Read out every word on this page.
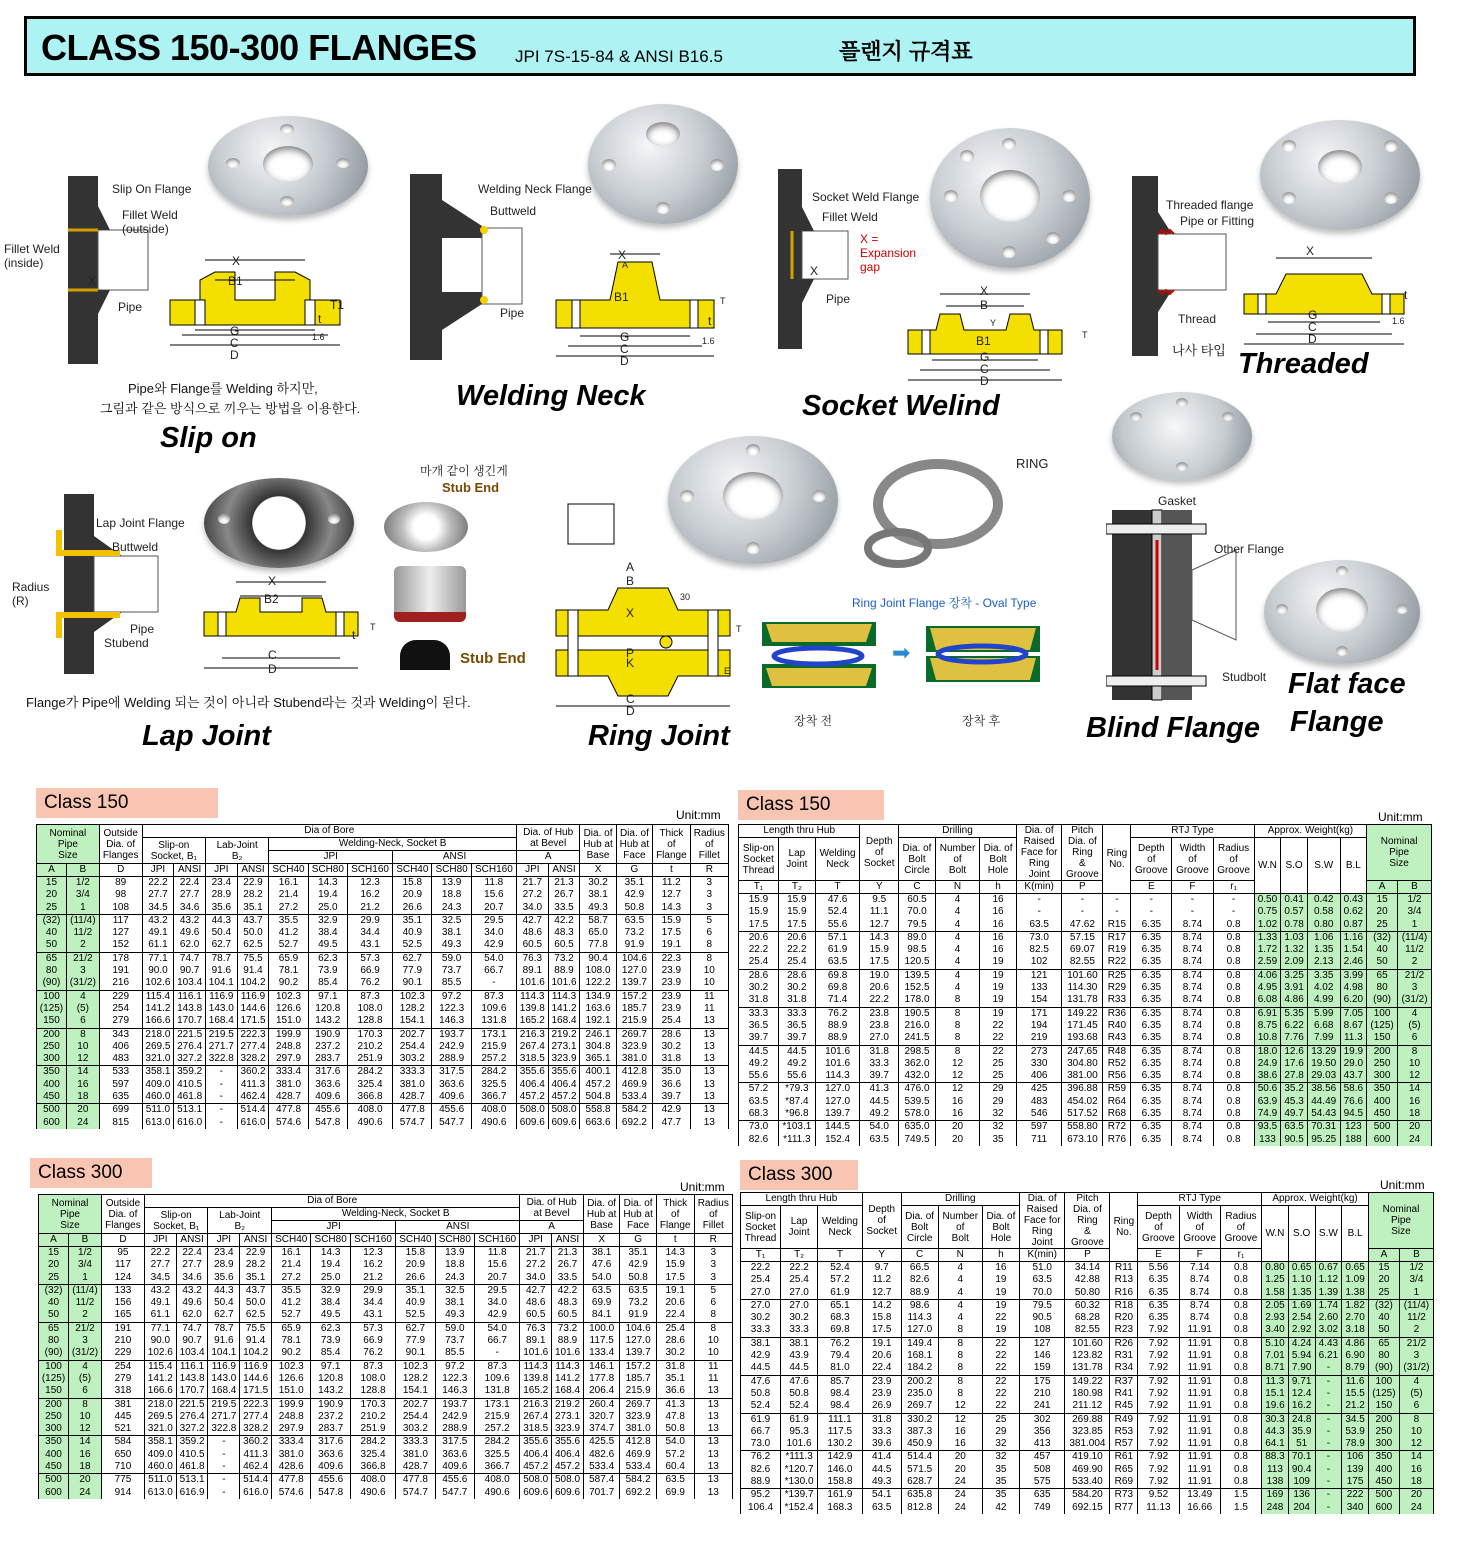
CLASS 150-300 FLANGES JPI 7S-15-84 & ANSI B16.5	플랜지 규격표
Slip On Flange
Fillet Weld (outside)
Fillet Weld (inside)
X
Pipe
X
B1
T1
t
G
C
D
1.6
Pipe와 Flange를 Welding 하지만,
그림과 같은 방식으로 끼우는 방법을 이용한다.
Slip on
Welding Neck Flange
Buttweld
Pipe
X
A
B1	T
t
G
C
D
1.6
Welding Neck
Socket Weld Flange
Fillet Weld
X = Expansion gap
X
Pipe
X
B
B1
G
C
D
Y
T
Socket Welind
Threaded flange
Pipe or Fitting
Thread
나사 타입
X
G
C
D
t
1.6
Threaded
Lap Joint Flange
Buttweld
Radius (R)
Pipe
Stubend
X
B2
C
D
T
t
마개 같이 생긴게
Stub End
Stub End
Flange가 Pipe에 Welding 되는 것이 아니라 Stubend라는 것과 Welding이 된다.
Lap Joint
RING
A
B
X
P
K
C
D
30
E
T
Ring Joint Flange 장착 - Oval Type
➡
장착 전	장착 후
Ring Joint
Gasket
Other Flange
Studbolt
Blind Flange
Flat face
Flange
Class 150
Unit:mm	Class 150
Unit:mm
Class 300
Unit:mm
Class 300	Unit:mm
Nominal
Pipe
Size		Outside
Dia. of
Flanges	Dia of Bore										Dia. of Hub
at Bevel		Dia. of
Hub at
Base	Dia. of
Hub at
Face	Thick
of
Flange	Radius
of
Fillet
			Slip-on
Socket, B₁		Lab-Joint
B₂		Welding-Neck, Socket B											
							JPI			ANSI			A					
A	B	D	JPI	ANSI	JPI	ANSI	SCH40	SCH80	SCH160	SCH40	SCH80	SCH160	JPI	ANSI	X	G	t	R
15	1/2	89	22.2	22.4	23.4	22.9	16.1	14.3	12.3	15.8	13.9	11.8	21.7	21.3	30.2	35.1	11.2	3
20	3/4	98	27.7	27.7	28.9	28.2	21.4	19.4	16.2	20.9	18.8	15.6	27.2	26.7	38.1	42.9	12.7	3
25	1	108	34.5	34.6	35.6	35.1	27.2	25.0	21.2	26.6	24.3	20.7	34.0	33.5	49.3	50.8	14.3	3
(32)	(11/4)	117	43.2	43.2	44.3	43.7	35.5	32.9	29.9	35.1	32.5	29.5	42.7	42.2	58.7	63.5	15.9	5
40	11/2	127	49.1	49.6	50.4	50.0	41.2	38.4	34.4	40.9	38.1	34.0	48.6	48.3	65.0	73.2	17.5	6
50	2	152	61.1	62.0	62.7	62.5	52.7	49.5	43.1	52.5	49.3	42.9	60.5	60.5	77.8	91.9	19.1	8
65	21/2	178	77.1	74.7	78.7	75.5	65.9	62.3	57.3	62.7	59.0	54.0	76.3	73.2	90.4	104.6	22.3	8
80	3	191	90.0	90.7	91.6	91.4	78.1	73.9	66.9	77.9	73.7	66.7	89.1	88.9	108.0	127.0	23.9	10
(90)	(31/2)	216	102.6	103.4	104.1	104.2	90.2	85.4	76.2	90.1	85.5	-	101.6	101.6	122.2	139.7	23.9	10
100	4	229	115.4	116.1	116.9	116.9	102.3	97.1	87.3	102.3	97.2	87.3	114.3	114.3	134.9	157.2	23.9	11
(125)	(5)	254	141.2	143.8	143.0	144.6	126.6	120.8	108.0	128.2	122.3	109.6	139.8	141.2	163.6	185.7	23.9	11
150	6	279	166.6	170.7	168.4	171.5	151.0	143.2	128.8	154.1	146.3	131.8	165.2	168.4	192.1	215.9	25.4	13
200	8	343	218.0	221.5	219.5	222.3	199.9	190.9	170.3	202.7	193.7	173.1	216.3	219.2	246.1	269.7	28.6	13
250	10	406	269.5	276.4	271.7	277.4	248.8	237.2	210.2	254.4	242.9	215.9	267.4	273.1	304.8	323.9	30.2	13
300	12	483	321.0	327.2	322.8	328.2	297.9	283.7	251.9	303.2	288.9	257.2	318.5	323.9	365.1	381.0	31.8	13
350	14	533	358.1	359.2	-	360.2	333.4	317.6	284.2	333.3	317.5	284.2	355.6	355.6	400.1	412.8	35.0	13
400	16	597	409.0	410.5	-	411.3	381.0	363.6	325.4	381.0	363.6	325.5	406.4	406.4	457.2	469.9	36.6	13
450	18	635	460.0	461.8	-	462.4	428.7	409.6	366.8	428.7	409.6	366.7	457.2	457.2	504.8	533.4	39.7	13
500	20	699	511.0	513.1	-	514.4	477.8	455.6	408.0	477.8	455.6	408.0	508.0	508.0	558.8	584.2	42.9	13
600	24	815	613.0	616.0	-	616.0	574.6	547.8	490.6	574.7	547.7	490.6	609.6	609.6	663.6	692.2	47.7	13
Length thru Hub			Depth
of
Socket	Drilling			Dia. of
Raised
Face for
Ring
Joint	Pitch
Dia. of
Ring
&
Groove	Ring
No.	RTJ Type			Approx. Weight(kg)				Nominal
Pipe
Size	
Slip-on
Socket
Thread	Lap
Joint	Welding
Neck		Dia. of
Bolt
Circle	Number
of
Bolt	Dia. of
Bolt
Hole				Depth
of
Groove	Width
of
Groove	Radius
of
Groove	W.N	S.O	S.W	B.L		
T₁	T₂	T	Y	C	N	h	K(min)	P		E	F	r₁					A	B
15.9	15.9	47.6	9.5	60.5	4	16	-	-	-	-	-	-	0.50	0.41	0.42	0.43	15	1/2
15.9	15.9	52.4	11.1	70.0	4	16	-	-	-	-	-	-	0.75	0.57	0.58	0.62	20	3/4
17.5	17.5	55.6	12.7	79.5	4	16	63.5	47.62	R15	6.35	8.74	0.8	1.02	0.78	0.80	0.87	25	1
20.6	20.6	57.1	14.3	89.0	4	16	73.0	57.15	R17	6.35	8.74	0.8	1.33	1.03	1.06	1.16	(32)	(11/4)
22.2	22.2	61.9	15.9	98.5	4	16	82.5	69.07	R19	6.35	8.74	0.8	1.72	1.32	1.35	1.54	40	11/2
25.4	25.4	63.5	17.5	120.5	4	19	102	82.55	R22	6.35	8.74	0.8	2.59	2.09	2.13	2.46	50	2
28.6	28.6	69.8	19.0	139.5	4	19	121	101.60	R25	6.35	8.74	0.8	4.06	3.25	3.35	3.99	65	21/2
30.2	30.2	69.8	20.6	152.5	4	19	133	114.30	R29	6.35	8.74	0.8	4.95	3.91	4.02	4.98	80	3
31.8	31.8	71.4	22.2	178.0	8	19	154	131.78	R33	6.35	8.74	0.8	6.08	4.86	4.99	6.20	(90)	(31/2)
33.3	33.3	76.2	23.8	190.5	8	19	171	149.22	R36	6.35	8.74	0.8	6.91	5.35	5.99	7.05	100	4
36.5	36.5	88.9	23.8	216.0	8	22	194	171.45	R40	6.35	8.74	0.8	8.75	6.22	6.68	8.67	(125)	(5)
39.7	39.7	88.9	27.0	241.5	8	22	219	193.68	R43	6.35	8.74	0.8	10.8	7.76	7.99	11.3	150	6
44.5	44.5	101.6	31.8	298.5	8	22	273	247.65	R48	6.35	8.74	0.8	18.0	12.6	13.29	19.9	200	8
49.2	49.2	101.6	33.3	362.0	12	25	330	304.80	R52	6.35	8.74	0.8	24.9	17.6	19.50	29.0	250	10
55.6	55.6	114.3	39.7	432.0	12	25	406	381.00	R56	6.35	8.74	0.8	38.6	27.8	29.03	43.7	300	12
57.2	*79.3	127.0	41.3	476.0	12	29	425	396.88	R59	6.35	8.74	0.8	50.6	35.2	38.56	58.6	350	14
63.5	*87.4	127.0	44.5	539.5	16	29	483	454.02	R64	6.35	8.74	0.8	63.9	45.3	44.49	76.6	400	16
68.3	*96.8	139.7	49.2	578.0	16	32	546	517.52	R68	6.35	8.74	0.8	74.9	49.7	54.43	94.5	450	18
73.0	*103.1	144.5	54.0	635.0	20	32	597	558.80	R72	6.35	8.74	0.8	93.5	63.5	70.31	123	500	20
82.6	*111.3	152.4	63.5	749.5	20	35	711	673.10	R76	6.35	8.74	0.8	133	90.5	95.25	188	600	24
Nominal
Pipe
Size		Outside
Dia. of
Flanges	Dia of Bore										Dia. of Hub
at Bevel		Dia. of
Hub at
Base	Dia. of
Hub at
Face	Thick
of
Flange	Radius
of
Fillet
			Slip-on
Socket, B₁		Lab-Joint
B₂		Welding-Neck, Socket B											
							JPI			ANSI			A					
A	B	D	JPI	ANSI	JPI	ANSI	SCH40	SCH80	SCH160	SCH40	SCH80	SCH160	JPI	ANSI	X	G	t	R
15	1/2	95	22.2	22.4	23.4	22.9	16.1	14.3	12.3	15.8	13.9	11.8	21.7	21.3	38.1	35.1	14.3	3
20	3/4	117	27.7	27.7	28.9	28.2	21.4	19.4	16.2	20.9	18.8	15.6	27.2	26.7	47.6	42.9	15.9	3
25	1	124	34.5	34.6	35.6	35.1	27.2	25.0	21.2	26.6	24.3	20.7	34.0	33.5	54.0	50.8	17.5	3
(32)	(11/4)	133	43.2	43.2	44.3	43.7	35.5	32.9	29.9	35.1	32.5	29.5	42.7	42.2	63.5	63.5	19.1	5
40	11/2	156	49.1	49.6	50.4	50.0	41.2	38.4	34.4	40.9	38.1	34.0	48.6	48.3	69.9	73.2	20.6	6
50	2	165	61.1	62.0	62.7	62.5	52.7	49.5	43.1	52.5	49.3	42.9	60.5	60.5	84.1	91.9	22.4	8
65	21/2	191	77.1	74.7	78.7	75.5	65.9	62.3	57.3	62.7	59.0	54.0	76.3	73.2	100.0	104.6	25.4	8
80	3	210	90.0	90.7	91.6	91.4	78.1	73.9	66.9	77.9	73.7	66.7	89.1	88.9	117.5	127.0	28.6	10
(90)	(31/2)	229	102.6	103.4	104.1	104.2	90.2	85.4	76.2	90.1	85.5	-	101.6	101.6	133.4	139.7	30.2	10
100	4	254	115.4	116.1	116.9	116.9	102.3	97.1	87.3	102.3	97.2	87.3	114.3	114.3	146.1	157.2	31.8	11
(125)	(5)	279	141.2	143.8	143.0	144.6	126.6	120.8	108.0	128.2	122.3	109.6	139.8	141.2	177.8	185.7	35.1	11
150	6	318	166.6	170.7	168.4	171.5	151.0	143.2	128.8	154.1	146.3	131.8	165.2	168.4	206.4	215.9	36.6	13
200	8	381	218.0	221.5	219.5	222.3	199.9	190.9	170.3	202.7	193.7	173.1	216.3	219.2	260.4	269.7	41.3	13
250	10	445	269.5	276.4	271.7	277.4	248.8	237.2	210.2	254.4	242.9	215.9	267.4	273.1	320.7	323.9	47.8	13
300	12	521	321.0	327.2	322.8	328.2	297.9	283.7	251.9	303.2	288.9	257.2	318.5	323.9	374.7	381.0	50.8	13
350	14	584	358.1	359.2	-	360.2	333.4	317.6	284.2	333.3	317.5	284.2	355.6	355.6	425.5	412.8	54.0	13
400	16	650	409.0	410.5	-	411.3	381.0	363.6	325.4	381.0	363.6	325.5	406.4	406.4	482.6	469.9	57.2	13
450	18	710	460.0	461.8	-	462.4	428.6	409.6	366.8	428.7	409.6	366.7	457.2	457.2	533.4	533.4	60.4	13
500	20	775	511.0	513.1	-	514.4	477.8	455.6	408.0	477.8	455.6	408.0	508.0	508.0	587.4	584.2	63.5	13
600	24	914	613.0	616.9	-	616.0	574.6	547.8	490.6	574.7	547.7	490.6	609.6	609.6	701.7	692.2	69.9	13
Length thru Hub			Depth
of
Socket	Drilling			Dia. of
Raised
Face for
Ring
Joint	Pitch
Dia. of
Ring
&
Groove	Ring
No.	RTJ Type			Approx. Weight(kg)				Nominal
Pipe
Size	
Slip-on
Socket
Thread	Lap
Joint	Welding
Neck		Dia. of
Bolt
Circle	Number
of
Bolt	Dia. of
Bolt
Hole				Depth
of
Groove	Width
of
Groove	Radius
of
Groove	W.N	S.O	S.W	B.L		
T₁	T₂	T	Y	C	N	h	K(min)	P		E	F	r₁					A	B
22.2	22.2	52.4	9.7	66.5	4	16	51.0	34.14	R11	5.56	7.14	0.8	0.80	0.65	0.67	0.65	15	1/2
25.4	25.4	57.2	11.2	82.6	4	19	63.5	42.88	R13	6.35	8.74	0.8	1.25	1.10	1.12	1.09	20	3/4
27.0	27.0	61.9	12.7	88.9	4	19	70.0	50.80	R16	6.35	8.74	0.8	1.58	1.35	1.39	1.38	25	1
27.0	27.0	65.1	14.2	98.6	4	19	79.5	60.32	R18	6.35	8.74	0.8	2.05	1.69	1.74	1.82	(32)	(11/4)
30.2	30.2	68.3	15.8	114.3	4	22	90.5	68.28	R20	6.35	8.74	0.8	2.93	2.54	2.60	2.70	40	11/2
33.3	33.3	69.8	17.5	127.0	8	19	108	82.55	R23	7.92	11.91	0.8	3.40	2.92	3.02	3.18	50	2
38.1	38.1	76.2	19.1	149.4	8	22	127	101.60	R26	7.92	11.91	0.8	5.10	4.24	4.43	4.86	65	21/2
42.9	43.9	79.4	20.6	168.1	8	22	146	123.82	R31	7.92	11.91	0.8	7.01	5.94	6.21	6.90	80	3
44.5	44.5	81.0	22.4	184.2	8	22	159	131.78	R34	7.92	11.91	0.8	8.71	7.90	-	8.79	(90)	(31/2)
47.6	47.6	85.7	23.9	200.2	8	22	175	149.22	R37	7.92	11.91	0.8	11.3	9.71	-	11.6	100	4
50.8	50.8	98.4	23.9	235.0	8	22	210	180.98	R41	7.92	11.91	0.8	15.1	12.4	-	15.5	(125)	(5)
52.4	52.4	98.4	26.9	269.7	12	22	241	211.12	R45	7.92	11.91	0.8	19.6	16.2	-	21.2	150	6
61.9	61.9	111.1	31.8	330.2	12	25	302	269.88	R49	7.92	11.91	0.8	30.3	24.8	-	34.5	200	8
66.7	95.3	117.5	33.3	387.3	16	29	356	323.85	R53	7.92	11.91	0.8	44.3	35.9	-	53.9	250	10
73.0	101.6	130.2	39.6	450.9	16	32	413	381.004	R57	7.92	11.91	0.8	64.1	51	-	78.9	300	12
76.2	*111.3	142.9	41.4	514.4	20	32	457	419.10	R61	7.92	11.91	0.8	88.3	70.1	-	106	350	14
82.6	*120.7	146.0	44.5	571.5	20	35	508	469.90	R65	7.92	11.91	0.8	113	90.4	-	139	400	16
88.9	*130.0	158.8	49.3	628.7	24	35	575	533.40	R69	7.92	11.91	0.8	138	109	-	175	450	18
95.2	*139.7	161.9	54.1	635.8	24	35	635	584.20	R73	9.52	13.49	1.5	169	136	-	222	500	20
106.4	*152.4	168.3	63.5	812.8	24	42	749	692.15	R77	11.13	16.66	1.5	248	204	-	340	600	24
